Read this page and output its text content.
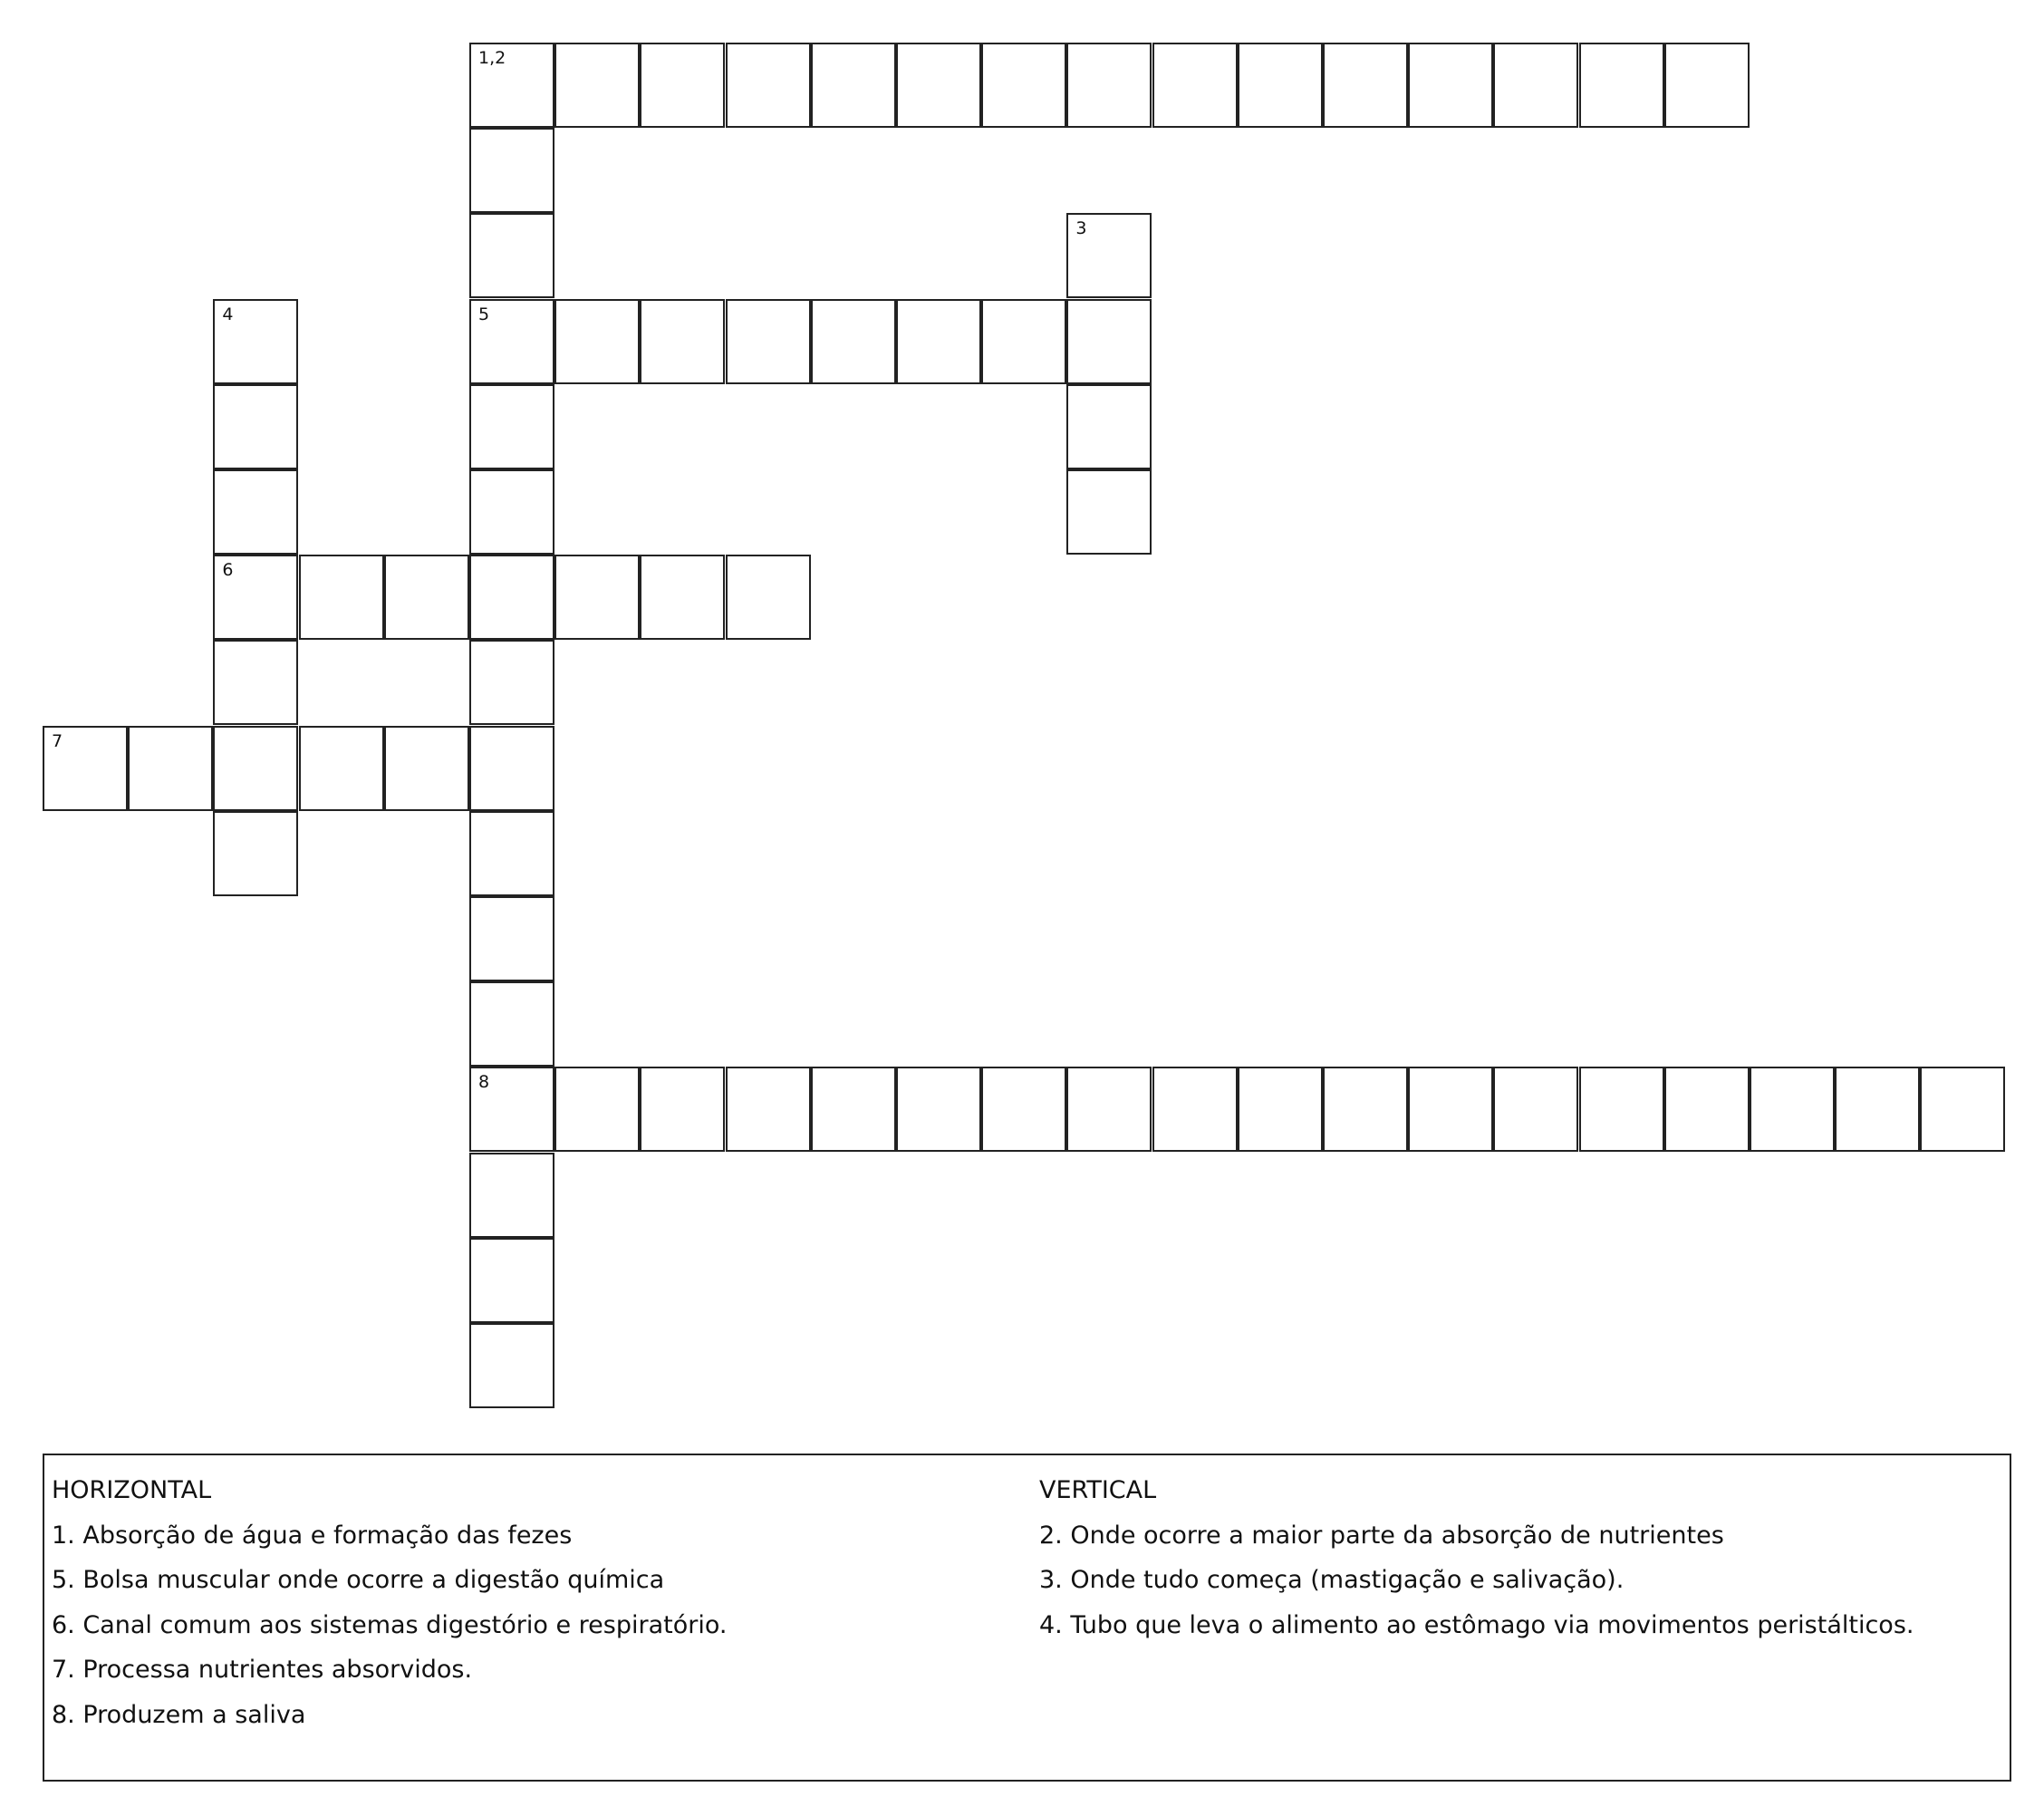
1,2
5
8
3
4
6
7
HORIZONTAL
1. Absorção de água e formação das fezes
5. Bolsa muscular onde ocorre a digestão química
6. Canal comum aos sistemas digestório e respiratório.
7. Processa nutrientes absorvidos.
8. Produzem a saliva
VERTICAL
2. Onde ocorre a maior parte da absorção de nutrientes
3. Onde tudo começa (mastigação e salivação).
4. Tubo que leva o alimento ao estômago via movimentos peristálticos.
